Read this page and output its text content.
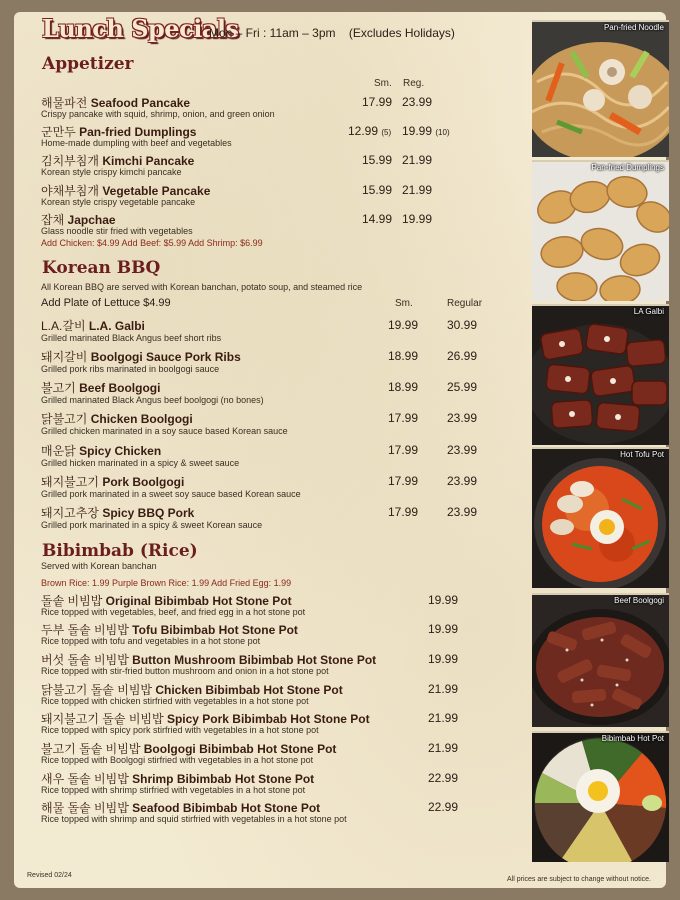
Lunch Specials
Mon – Fri : 11am – 3pm (Excludes Holidays)
Appetizer
Sm. Reg.
해물파전 Seafood Pancake
Crispy pancake with squid, shrimp, onion, and green onion
17.99 23.99
군만두 Pan-fried Dumplings
Home-made dumpling with beef and vegetables
12.99 (5) 19.99 (10)
김치부침개 Kimchi Pancake
Korean style crispy kimchi pancake
15.99 21.99
야채부침개 Vegetable Pancake
Korean style crispy vegetable pancake
15.99 21.99
잡채 Japchae
Glass noodle stir fried with vegetables
14.99 19.99
Add Chicken: $4.99 Add Beef: $5.99 Add Shrimp: $6.99
Korean BBQ
All Korean BBQ are served with Korean banchan, potato soup, and steamed rice
Add Plate of Lettuce $4.99	Sm.	Regular
L.A.갈비 L.A. Galbi
Grilled marinated Black Angus beef short ribs
19.99 30.99
돼지갈비 Boolgogi Sauce Pork Ribs
Grilled pork ribs marinated in boolgogi sauce
18.99 26.99
불고기 Beef Boolgogi
Grilled marinated Black Angus beef boolgogi (no bones)
18.99 25.99
닭불고기 Chicken Boolgogi
Grilled chicken marinated in a soy sauce based Korean sauce
17.99 23.99
매운닭 Spicy Chicken
Grilled hicken marinated in a spicy & sweet sauce
17.99 23.99
돼지불고기 Pork Boolgogi
Grilled pork marinated in a sweet soy sauce based Korean sauce
17.99 23.99
돼지고추장 Spicy BBQ Pork
Grilled pork marinated in a spicy & sweet Korean sauce
17.99 23.99
Bibimbab (Rice)
Served with Korean banchan
Brown Rice: 1.99 Purple Brown Rice: 1.99 Add Fried Egg: 1.99
돌솥 비빔밥 Original Bibimbab Hot Stone Pot
Rice topped with vegetables, beef, and fried egg in a hot stone pot
19.99
두부 돌솥 비빔밥 Tofu Bibimbab Hot Stone Pot
Rice topped with tofu and vegetables in a hot stone pot
19.99
버섯 돌솥 비빔밥 Button Mushroom Bibimbab Hot Stone Pot
Rice topped with stir-fried button mushroom and onion in a hot stone pot
19.99
닭불고기 돌솥 비빔밥 Chicken Bibimbab Hot Stone Pot
Rice topped with chicken stirfried with vegetables in a hot stone pot
21.99
돼지불고기 돌솥 비빔밥 Spicy Pork Bibimbab Hot Stone Pot
Rice topped with spicy pork stirfried with vegetables in a hot stone pot
21.99
불고기 돌솥 비빔밥 Boolgogi Bibimbab Hot Stone Pot
Rice topped with Boolgogi stirfried with vegetables in a hot stone pot
21.99
새우 돌솥 비빔밥 Shrimp Bibimbab Hot Stone Pot
Rice topped with shrimp stirfried with vegetables in a hot stone pot
22.99
해물 돌솥 비빔밥 Seafood Bibimbab Hot Stone Pot
Rice topped with shrimp and squid stirfried with vegetables in a hot stone pot
22.99
Revised 02/24
All prices are subject to change without notice.
Pan-fried Noodle
Pan-fried Dumplings
LA Galbi
Hot Tofu Pot
Beef Boolgogi
Bibimbab Hot Pot
